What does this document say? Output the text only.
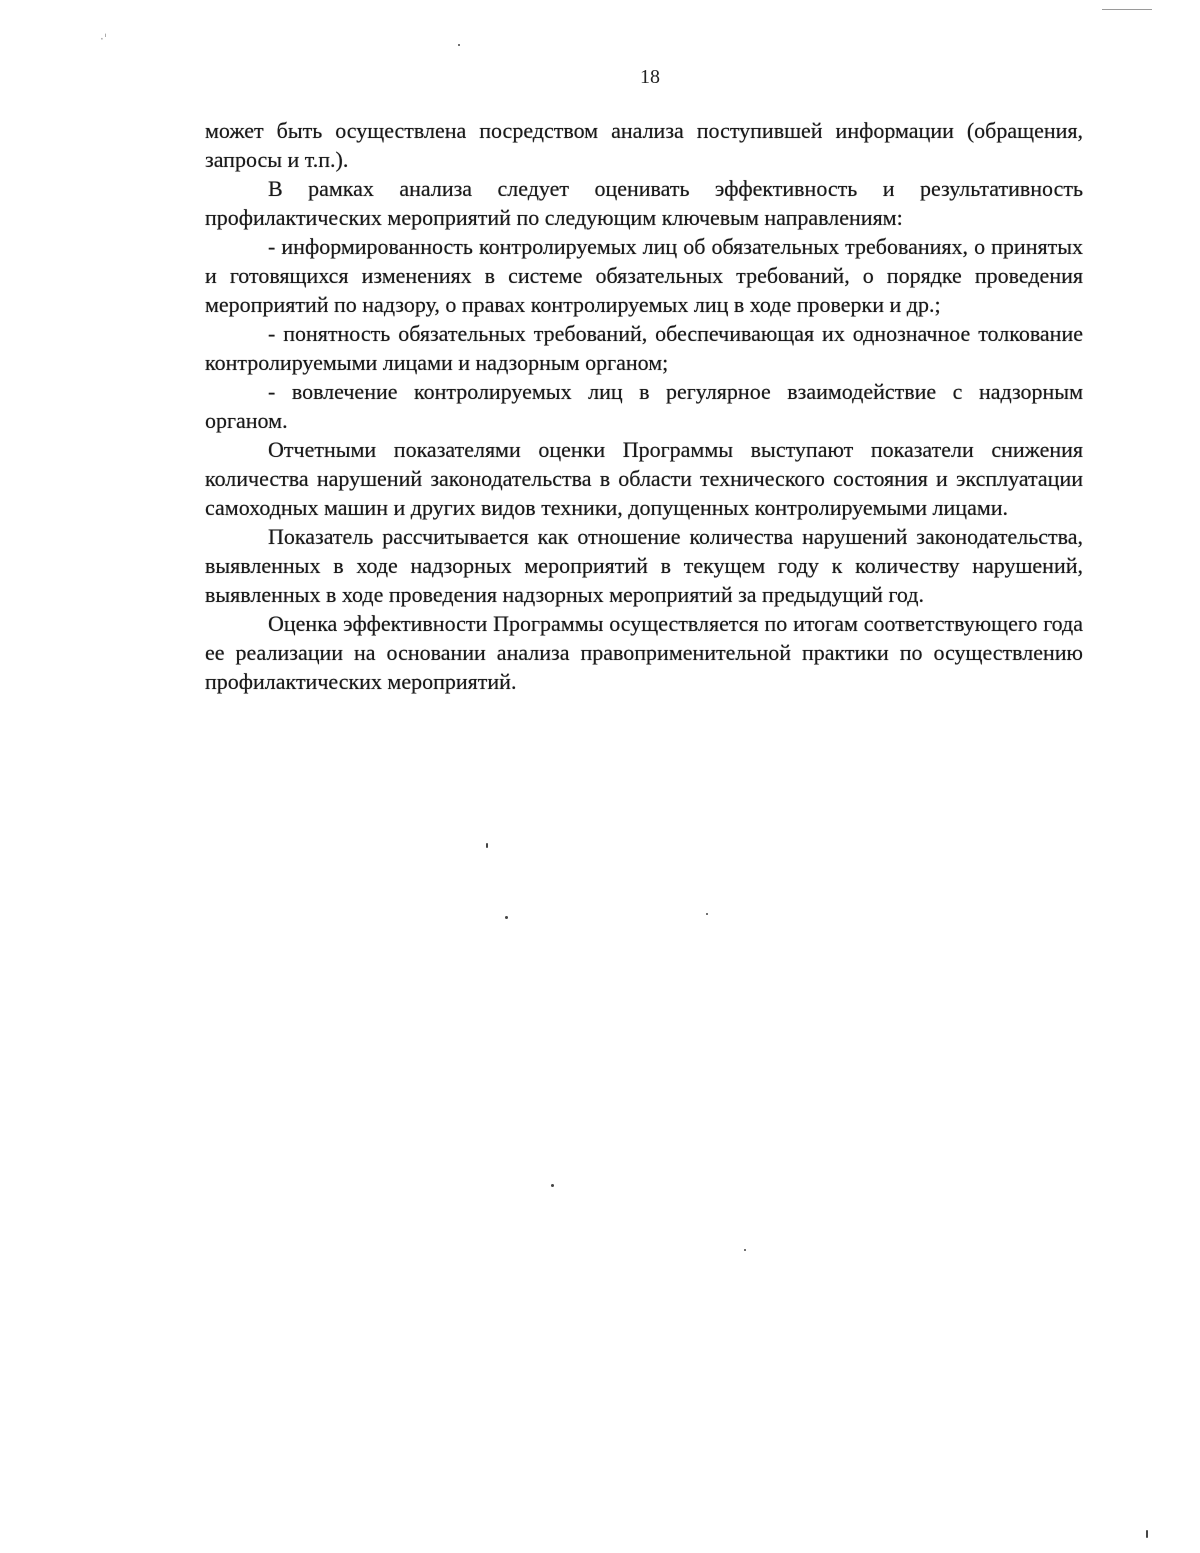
·ˈ
18

может быть осуществлена посредством анализа поступившей информации (обращения, запросы и т.п.).

В рамках анализа следует оценивать эффективность и результативность профилактических мероприятий по следующим ключевым направлениям:

- информированность контролируемых лиц об обязательных требованиях, о принятых и готовящихся изменениях в системе обязательных требований, о порядке проведения мероприятий по надзору, о правах контролируемых лиц в ходе проверки и др.;

- понятность обязательных требований, обеспечивающая их однозначное толкование контролируемыми лицами и надзорным органом;

- вовлечение контролируемых лиц в регулярное взаимодействие с надзорным органом.

Отчетными показателями оценки Программы выступают показатели снижения количества нарушений законодательства в области технического состояния и эксплуатации самоходных машин и других видов техники, допущенных контролируемыми лицами.

Показатель рассчитывается как отношение количества нарушений законодательства, выявленных в ходе надзорных мероприятий в текущем году к количеству нарушений, выявленных в ходе проведения надзорных мероприятий за предыдущий год.

Оценка эффективности Программы осуществляется по итогам соответствующего года ее реализации на основании анализа правоприменительной практики по осуществлению профилактических мероприятий.
